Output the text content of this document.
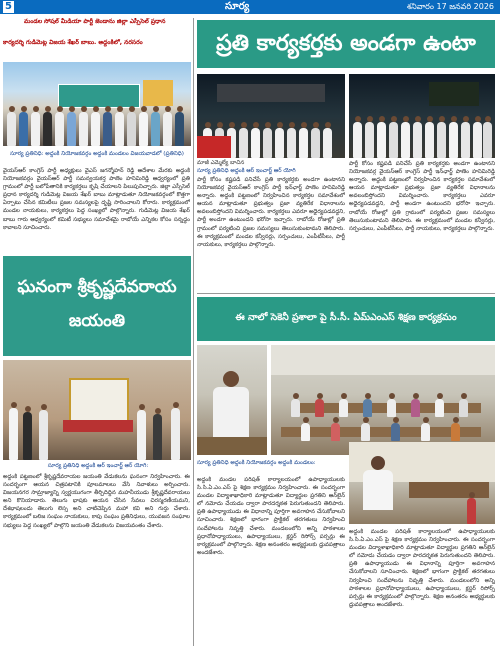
5	సూర్య	శనివారం 17 జనవరి 2026
మండల సోషల్ మీడియా పార్టీ జెండాను జిల్లా ఎస్సీసెల్ ప్రధాన
కార్యదర్శి గుడిమెట్ల విజయ శేఖర్ బాబు. అద్దంకిలో, నరసరం
సూర్య ప్రతినిధి: అద్దంకి నియోజకవర్గం అద్దంకి మండలం విజయవాడలో (ప్రతినిధి)
వైయస్ఆర్ కాంగ్రెస్ పార్టీ అధ్యక్షులు వైఎస్ జగన్మోహన్ రెడ్డి ఆదేశాల మేరకు అద్దంకి నియోజకవర్గం వైయస్ఆర్ పార్టీ సమన్వయకర్త పాణెం హనిమిరెడ్డి ఆధ్వర్యంలో ప్రతి గ్రామంలో పార్టీ బలోపేతానికి కార్యకర్తలు కృషి చేయాలని పిలుపునిచ్చారు. జిల్లా ఎస్సీసెల్ ప్రధాన కార్యదర్శి గుడిమెట్ల విజయ శేఖర్ బాబు మాట్లాడుతూ నియోజకవర్గంలో కొత్తగా ఏర్పాటు చేసిన కమిటీలు ప్రజల సమస్యలపై దృష్టి సారించాలని కోరారు. కార్యక్రమంలో మండల నాయకులు, కార్యకర్తలు పెద్ద సంఖ్యలో పాల్గొన్నారు. గుడిమెట్ల విజయ శేఖర్ బాబు గారు ఆధ్వర్యంలో కమిటీ సభ్యులు సమావేశమై రాబోయే ఎన్నికల కోసం సన్నద్ధం కావాలని సూచించారు.
ఘనంగా శ్రీకృష్ణదేవరాయ జయంతి
సూర్య ప్రతినిధి అద్దంకి ఆర్ ఇంచార్జ్ ఆర్ యోగి:
అద్దంకి పట్టణంలో శ్రీకృష్ణదేవరాయల జయంతి వేడుకలను ఘనంగా నిర్వహించారు. ఈ సందర్భంగా ఆయన చిత్రపటానికి పూలమాలలు వేసి నివాళులు అర్పించారు. విజయనగర సామ్రాజ్యాన్ని స్వర్ణయుగంగా తీర్చిదిద్దిన మహనీయుడు శ్రీకృష్ణదేవరాయలు అని కొనియాడారు. తెలుగు భాషకు ఆయన చేసిన సేవలు చిరస్మరణీయమని, దేశభాషలందు తెలుగు లెస్స అని చాటిచెప్పిన మహా కవి అని గుర్తు చేశారు. కార్యక్రమంలో బలిజ సంఘం నాయకులు, కాపు సంఘం ప్రతినిధులు, యువజన సంఘాల సభ్యులు పెద్ద సంఖ్యలో పాల్గొని జయంతి వేడుకలను విజయవంతం చేశారు.
ప్రతి కార్యకర్తకు అండగా ఉంటా
మాజీ ఎమ్మెల్యే బాచిన
సూర్య ప్రతినిధి అద్దంకి ఆర్ ఇంచార్జ్ ఆర్ యోగి
పార్టీ కోసం కష్టపడి పనిచేసే ప్రతి కార్యకర్తకు అండగా ఉంటానని నియోజకవర్గ వైయస్ఆర్ కాంగ్రెస్ పార్టీ ఇన్‌ఛార్జ్ పాణెం హనిమిరెడ్డి అన్నారు. అద్దంకి పట్టణంలో నిర్వహించిన కార్యకర్తల సమావేశంలో ఆయన మాట్లాడుతూ ప్రభుత్వం ప్రజా వ్యతిరేక విధానాలను అవలంబిస్తోందని విమర్శించారు. కార్యకర్తలు ఎవరూ అధైర్యపడవద్దని, పార్టీ అండగా ఉంటుందని భరోసా ఇచ్చారు. రాబోయే రోజుల్లో ప్రతి గ్రామంలో పర్యటించి ప్రజల సమస్యలు తెలుసుకుంటామని తెలిపారు. ఈ కార్యక్రమంలో మండల కన్వీనర్లు, సర్పంచులు, ఎంపీటీసీలు, పార్టీ నాయకులు, కార్యకర్తలు పాల్గొన్నారు.
పార్టీ కోసం కష్టపడి పనిచేసే ప్రతి కార్యకర్తకు అండగా ఉంటానని నియోజకవర్గ వైయస్ఆర్ కాంగ్రెస్ పార్టీ ఇన్‌ఛార్జ్ పాణెం హనిమిరెడ్డి అన్నారు. అద్దంకి పట్టణంలో నిర్వహించిన కార్యకర్తల సమావేశంలో ఆయన మాట్లాడుతూ ప్రభుత్వం ప్రజా వ్యతిరేక విధానాలను అవలంబిస్తోందని విమర్శించారు. కార్యకర్తలు ఎవరూ అధైర్యపడవద్దని, పార్టీ అండగా ఉంటుందని భరోసా ఇచ్చారు. రాబోయే రోజుల్లో ప్రతి గ్రామంలో పర్యటించి ప్రజల సమస్యలు తెలుసుకుంటామని తెలిపారు. ఈ కార్యక్రమంలో మండల కన్వీనర్లు, సర్పంచులు, ఎంపీటీసీలు, పార్టీ నాయకులు, కార్యకర్తలు పాల్గొన్నారు.
ఈ నాలో సెకెనీ ప్రశాలా పై సీ.సీ. ఏమ్‌ఎంఎస్ శిక్షణ కార్యక్రమం
సూర్య ప్రతినిధి అద్దంకి నియోజకవర్గం అద్దంకి మండలం:
అద్దంకి మండల పరిషత్ కార్యాలయంలో ఉపాధ్యాయులకు సి.సి.ఏ.ఎం.ఎస్ పై శిక్షణ కార్యక్రమం నిర్వహించారు. ఈ సందర్భంగా మండల విద్యాశాఖాధికారి మాట్లాడుతూ విద్యార్థుల ప్రగతిని ఆన్‌లైన్ లో నమోదు చేయడం ద్వారా పారదర్శకత పెరుగుతుందని తెలిపారు. ప్రతి ఉపాధ్యాయుడు ఈ విధానాన్ని పూర్తిగా అవగాహన చేసుకోవాలని సూచించారు. శిక్షణలో భాగంగా ప్రాక్టికల్ తరగతులు నిర్వహించి సందేహాలను నివృత్తి చేశారు. మండలంలోని అన్ని పాఠశాలల ప్రధానోపాధ్యాయులు, ఉపాధ్యాయులు, క్లస్టర్ రిసోర్స్ పర్సన్లు ఈ కార్యక్రమంలో పాల్గొన్నారు. శిక్షణ అనంతరం అభ్యర్థులకు ధ్రువపత్రాలు అందజేశారు.
అద్దంకి మండల పరిషత్ కార్యాలయంలో ఉపాధ్యాయులకు సి.సి.ఏ.ఎం.ఎస్ పై శిక్షణ కార్యక్రమం నిర్వహించారు. ఈ సందర్భంగా మండల విద్యాశాఖాధికారి మాట్లాడుతూ విద్యార్థుల ప్రగతిని ఆన్‌లైన్ లో నమోదు చేయడం ద్వారా పారదర్శకత పెరుగుతుందని తెలిపారు. ప్రతి ఉపాధ్యాయుడు ఈ విధానాన్ని పూర్తిగా అవగాహన చేసుకోవాలని సూచించారు. శిక్షణలో భాగంగా ప్రాక్టికల్ తరగతులు నిర్వహించి సందేహాలను నివృత్తి చేశారు. మండలంలోని అన్ని పాఠశాలల ప్రధానోపాధ్యాయులు, ఉపాధ్యాయులు, క్లస్టర్ రిసోర్స్ పర్సన్లు ఈ కార్యక్రమంలో పాల్గొన్నారు. శిక్షణ అనంతరం అభ్యర్థులకు ధ్రువపత్రాలు అందజేశారు.
